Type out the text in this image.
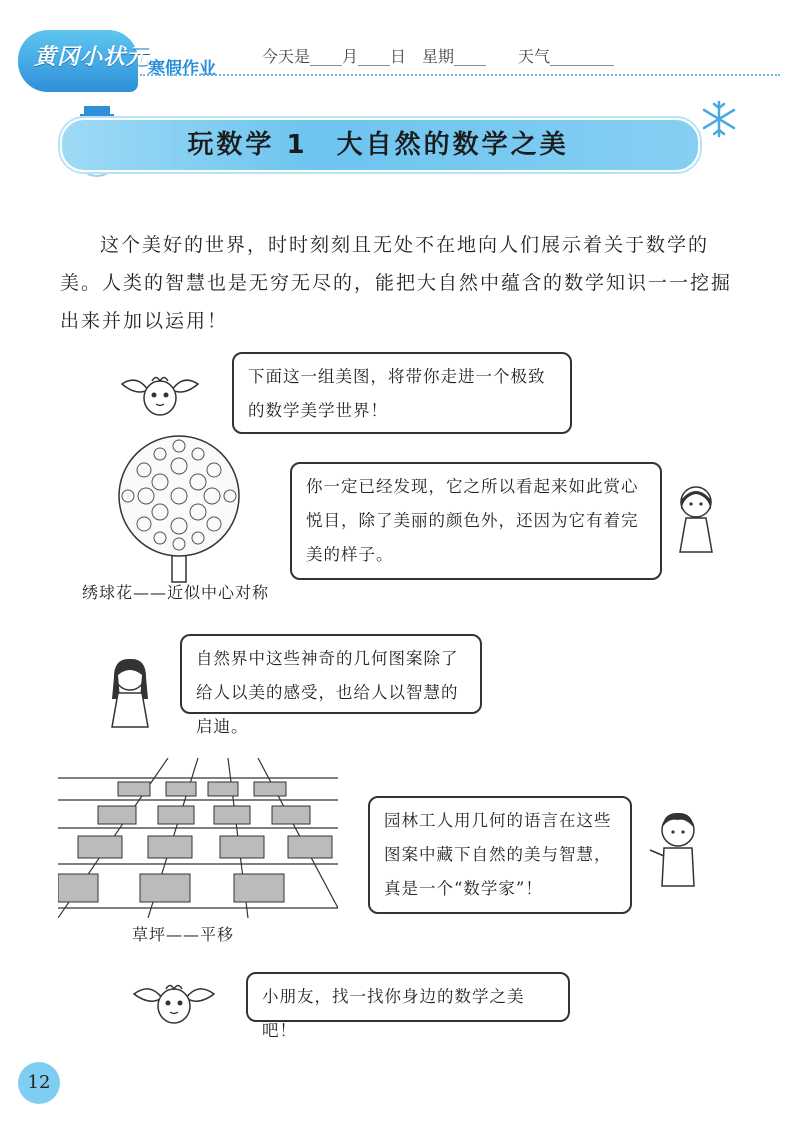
黄冈小状元
寒假作业
今天是____月____日　星期____　　天气________
玩数学 1　大自然的数学之美
这个美好的世界，时时刻刻且无处不在地向人们展示着关于数学的美。人类的智慧也是无穷无尽的，能把大自然中蕴含的数学知识一一挖掘出来并加以运用！
下面这一组美图，将带你走进一个极致的数学美学世界！
绣球花——近似中心对称
你一定已经发现，它之所以看起来如此赏心悦目，除了美丽的颜色外，还因为它有着完美的样子。
自然界中这些神奇的几何图案除了给人以美的感受，也给人以智慧的启迪。
草坪——平移
园林工人用几何的语言在这些图案中藏下自然的美与智慧，真是一个“数学家”！
小朋友，找一找你身边的数学之美吧！
12
